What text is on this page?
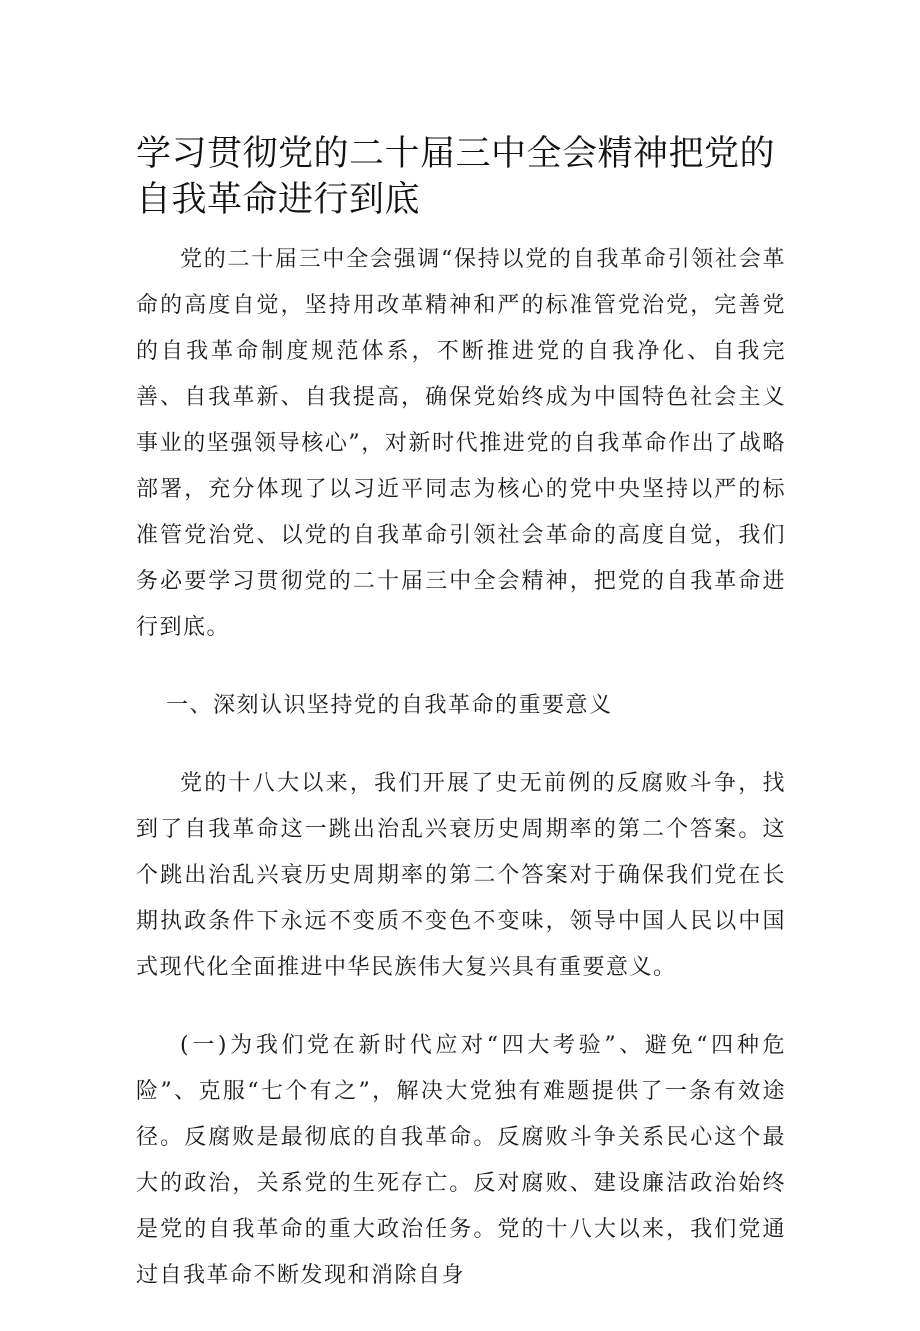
学习贯彻党的二十届三中全会精神把党的自我革命进行到底

党的二十届三中全会强调“保持以党的自我革命引领社会革命的高度自觉，坚持用改革精神和严的标准管党治党，完善党的自我革命制度规范体系，不断推进党的自我净化、自我完善、自我革新、自我提高，确保党始终成为中国特色社会主义事业的坚强领导核心”，对新时代推进党的自我革命作出了战略部署，充分体现了以习近平同志为核心的党中央坚持以严的标准管党治党、以党的自我革命引领社会革命的高度自觉，我们务必要学习贯彻党的二十届三中全会精神，把党的自我革命进行到底。

一、深刻认识坚持党的自我革命的重要意义

党的十八大以来，我们开展了史无前例的反腐败斗争，找到了自我革命这一跳出治乱兴衰历史周期率的第二个答案。这个跳出治乱兴衰历史周期率的第二个答案对于确保我们党在长期执政条件下永远不变质不变色不变味，领导中国人民以中国式现代化全面推进中华民族伟大复兴具有重要意义。

(一)为我们党在新时代应对“四大考验”、避免“四种危险”、克服“七个有之”，解决大党独有难题提供了一条有效途径。反腐败是最彻底的自我革命。反腐败斗争关系民心这个最大的政治，关系党的生死存亡。反对腐败、建设廉洁政治始终是党的自我革命的重大政治任务。党的十八大以来，我们党通过自我革命不断发现和消除自身
